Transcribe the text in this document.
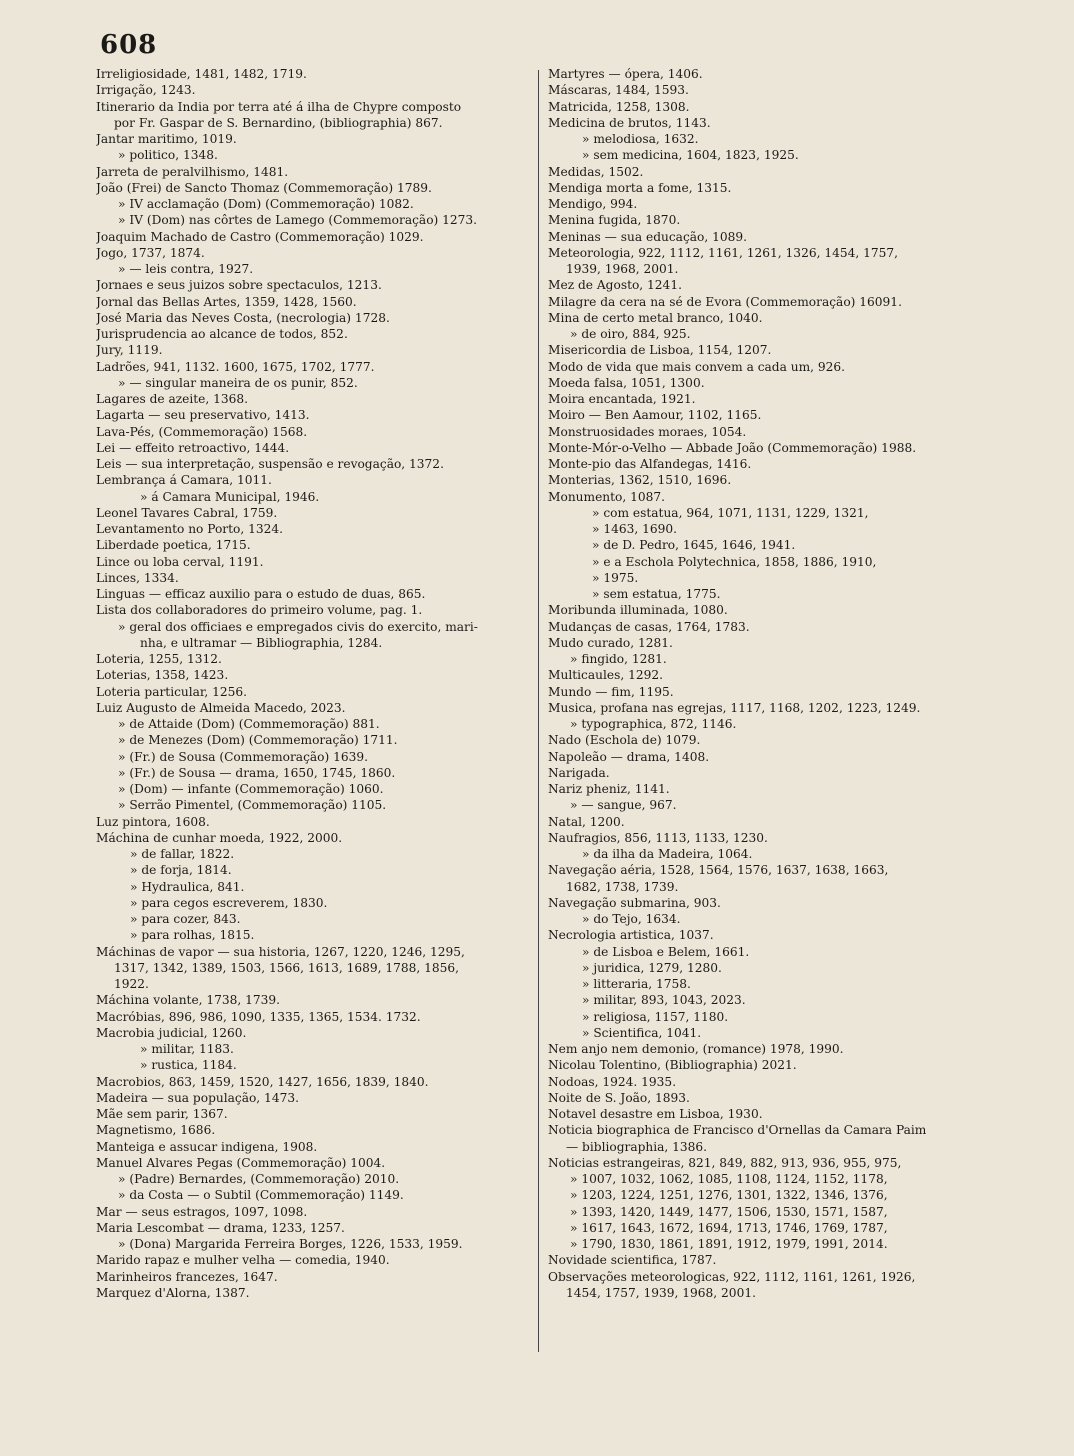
608
Irreligiosidade, 1481, 1482, 1719.
Irrigação, 1243.
Itinerario da India por terra até á ilha de Chypre composto
por Fr. Gaspar de S. Bernardino, (bibliographia) 867.
Jantar maritimo, 1019.
» politico, 1348.
Jarreta de peralvilhismo, 1481.
João (Frei) de Sancto Thomaz (Commemoração) 1789.
» IV acclamação (Dom) (Commemoração) 1082.
» IV (Dom) nas côrtes de Lamego (Commemoração) 1273.
Joaquim Machado de Castro (Commemoração) 1029.
Jogo, 1737, 1874.
» — leis contra, 1927.
Jornaes e seus juizos sobre spectaculos, 1213.
Jornal das Bellas Artes, 1359, 1428, 1560.
José Maria das Neves Costa, (necrologia) 1728.
Jurisprudencia ao alcance de todos, 852.
Jury, 1119.
Ladrões, 941, 1132. 1600, 1675, 1702, 1777.
» — singular maneira de os punir, 852.
Lagares de azeite, 1368.
Lagarta — seu preservativo, 1413.
Lava-Pés, (Commemoração) 1568.
Lei — effeito retroactivo, 1444.
Leis — sua interpretação, suspensão e revogação, 1372.
Lembrança á Camara, 1011.
» á Camara Municipal, 1946.
Leonel Tavares Cabral, 1759.
Levantamento no Porto, 1324.
Liberdade poetica, 1715.
Lince ou loba cerval, 1191.
Linces, 1334.
Linguas — efficaz auxilio para o estudo de duas, 865.
Lista dos collaboradores do primeiro volume, pag. 1.
» geral dos officiaes e empregados civis do exercito, mari-
nha, e ultramar — Bibliographia, 1284.
Loteria, 1255, 1312.
Loterias, 1358, 1423.
Loteria particular, 1256.
Luiz Augusto de Almeida Macedo, 2023.
» de Attaide (Dom) (Commemoração) 881.
» de Menezes (Dom) (Commemoração) 1711.
» (Fr.) de Sousa (Commemoração) 1639.
» (Fr.) de Sousa — drama, 1650, 1745, 1860.
» (Dom) — infante (Commemoração) 1060.
» Serrão Pimentel, (Commemoração) 1105.
Luz pintora, 1608.
Máchina de cunhar moeda, 1922, 2000.
» de fallar, 1822.
» de forja, 1814.
» Hydraulica, 841.
» para cegos escreverem, 1830.
» para cozer, 843.
» para rolhas, 1815.
Máchinas de vapor — sua historia, 1267, 1220, 1246, 1295,
1317, 1342, 1389, 1503, 1566, 1613, 1689, 1788, 1856,
1922.
Máchina volante, 1738, 1739.
Macróbias, 896, 986, 1090, 1335, 1365, 1534. 1732.
Macrobia judicial, 1260.
» militar, 1183.
» rustica, 1184.
Macrobios, 863, 1459, 1520, 1427, 1656, 1839, 1840.
Madeira — sua população, 1473.
Mãe sem parir, 1367.
Magnetismo, 1686.
Manteiga e assucar indigena, 1908.
Manuel Alvares Pegas (Commemoração) 1004.
» (Padre) Bernardes, (Commemoração) 2010.
» da Costa — o Subtil (Commemoração) 1149.
Mar — seus estragos, 1097, 1098.
Maria Lescombat — drama, 1233, 1257.
» (Dona) Margarida Ferreira Borges, 1226, 1533, 1959.
Marido rapaz e mulher velha — comedia, 1940.
Marinheiros francezes, 1647.
Marquez d'Alorna, 1387.
Martyres — ópera, 1406.
Máscaras, 1484, 1593.
Matricida, 1258, 1308.
Medicina de brutos, 1143.
» melodiosa, 1632.
» sem medicina, 1604, 1823, 1925.
Medidas, 1502.
Mendiga morta a fome, 1315.
Mendigo, 994.
Menina fugida, 1870.
Meninas — sua educação, 1089.
Meteorologia, 922, 1112, 1161, 1261, 1326, 1454, 1757,
1939, 1968, 2001.
Mez de Agosto, 1241.
Milagre da cera na sé de Evora (Commemoração) 16091.
Mina de certo metal branco, 1040.
» de oiro, 884, 925.
Misericordia de Lisboa, 1154, 1207.
Modo de vida que mais convem a cada um, 926.
Moeda falsa, 1051, 1300.
Moira encantada, 1921.
Moiro — Ben Aamour, 1102, 1165.
Monstruosidades moraes, 1054.
Monte-Mór-o-Velho — Abbade João (Commemoração) 1988.
Monte-pio das Alfandegas, 1416.
Monterias, 1362, 1510, 1696.
Monumento, 1087.
» com estatua, 964, 1071, 1131, 1229, 1321,
» 1463, 1690.
» de D. Pedro, 1645, 1646, 1941.
» e a Eschola Polytechnica, 1858, 1886, 1910,
» 1975.
» sem estatua, 1775.
Moribunda illuminada, 1080.
Mudanças de casas, 1764, 1783.
Mudo curado, 1281.
» fingido, 1281.
Multicaules, 1292.
Mundo — fim, 1195.
Musica, profana nas egrejas, 1117, 1168, 1202, 1223, 1249.
» typographica, 872, 1146.
Nado (Eschola de) 1079.
Napoleão — drama, 1408.
Narigada.
Nariz pheniz, 1141.
» — sangue, 967.
Natal, 1200.
Naufragios, 856, 1113, 1133, 1230.
» da ilha da Madeira, 1064.
Navegação aéria, 1528, 1564, 1576, 1637, 1638, 1663,
1682, 1738, 1739.
Navegação submarina, 903.
» do Tejo, 1634.
Necrologia artistica, 1037.
» de Lisboa e Belem, 1661.
» juridica, 1279, 1280.
» litteraria, 1758.
» militar, 893, 1043, 2023.
» religiosa, 1157, 1180.
» Scientifica, 1041.
Nem anjo nem demonio, (romance) 1978, 1990.
Nicolau Tolentino, (Bibliographia) 2021.
Nodoas, 1924. 1935.
Noite de S. João, 1893.
Notavel desastre em Lisboa, 1930.
Noticia biographica de Francisco d'Ornellas da Camara Paim
— bibliographia, 1386.
Noticias estrangeiras, 821, 849, 882, 913, 936, 955, 975,
» 1007, 1032, 1062, 1085, 1108, 1124, 1152, 1178,
» 1203, 1224, 1251, 1276, 1301, 1322, 1346, 1376,
» 1393, 1420, 1449, 1477, 1506, 1530, 1571, 1587,
» 1617, 1643, 1672, 1694, 1713, 1746, 1769, 1787,
» 1790, 1830, 1861, 1891, 1912, 1979, 1991, 2014.
Novidade scientifica, 1787.
Observações meteorologicas, 922, 1112, 1161, 1261, 1926,
1454, 1757, 1939, 1968, 2001.
